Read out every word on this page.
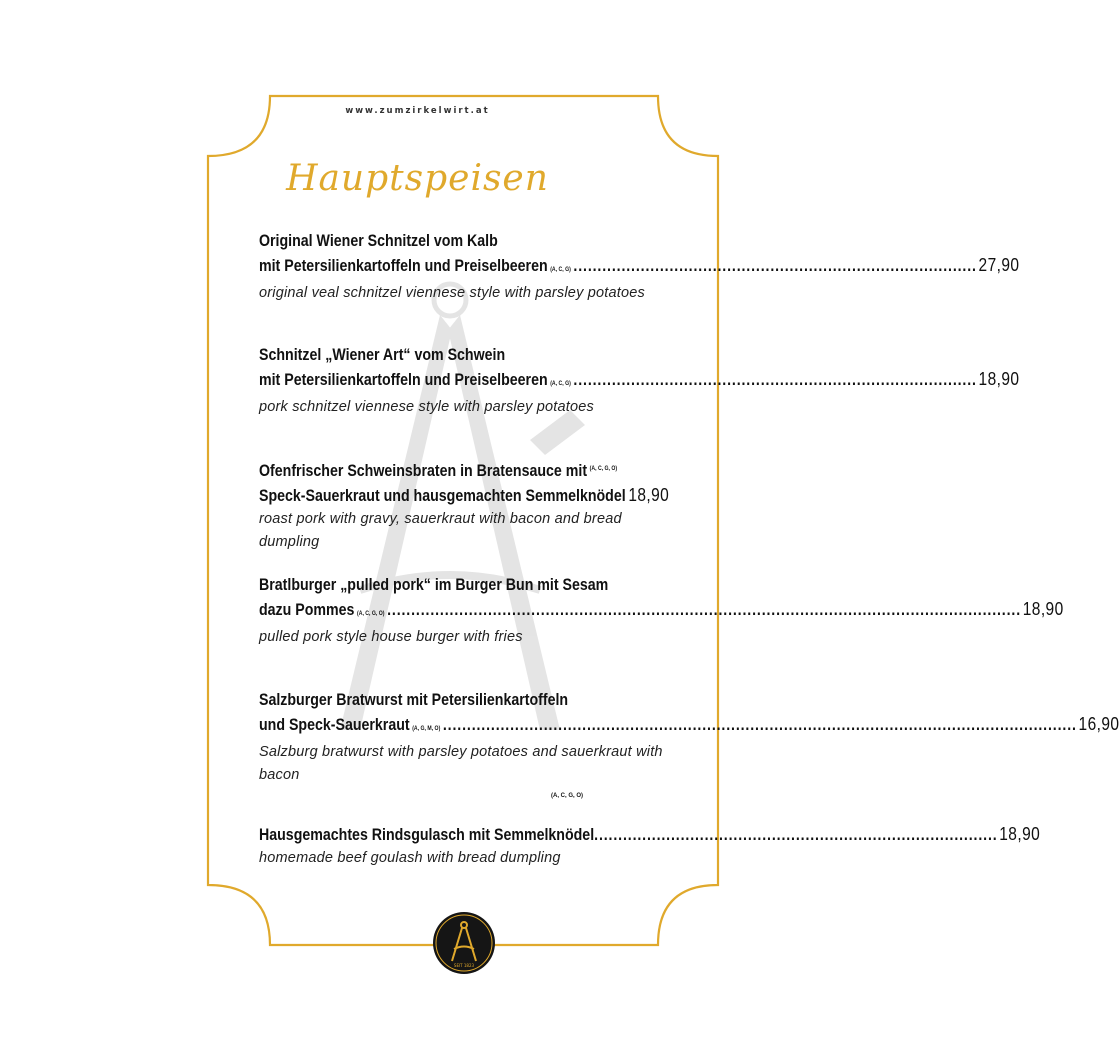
www.zumzirkelwirt.at
Hauptspeisen
Original Wiener Schnitzel vom Kalb
mit Petersilienkartoffeln und Preiselbeeren $_{(A, C, G)}$ .................................................................................... 27,90
original veal schnitzel viennese style with parsley potatoes
Schnitzel „Wiener Art“ vom Schwein
mit Petersilienkartoffeln und Preiselbeeren $_{(A, C, G)}$ .................................................................................... 18,90
pork schnitzel viennese style with parsley potatoes
Ofenfrischer Schweinsbraten in Bratensauce mit $^{(A, C, G, O)}$
Speck-Sauerkraut und hausgemachten Semmelknödel 18,90
roast pork with gravy, sauerkraut with bacon and bread dumpling
Bratlburger „pulled pork“ im Burger Bun mit Sesam
dazu Pommes $_{(A, C, G, O)}$ .................................................................................................................................... 18,90
pulled pork style house burger with fries
Salzburger Bratwurst mit Petersilienkartoffeln
und Speck-Sauerkraut $_{(A, G, M, O)}$ .................................................................................................................................... 16,90
Salzburg bratwurst with parsley potatoes and sauerkraut with
bacon
(A, C, G, O)
Hausgemachtes Rindsgulasch mit Semmelknödel .................................................................................... 18,90
homemade beef goulash with bread dumpling
SEIT 1823
